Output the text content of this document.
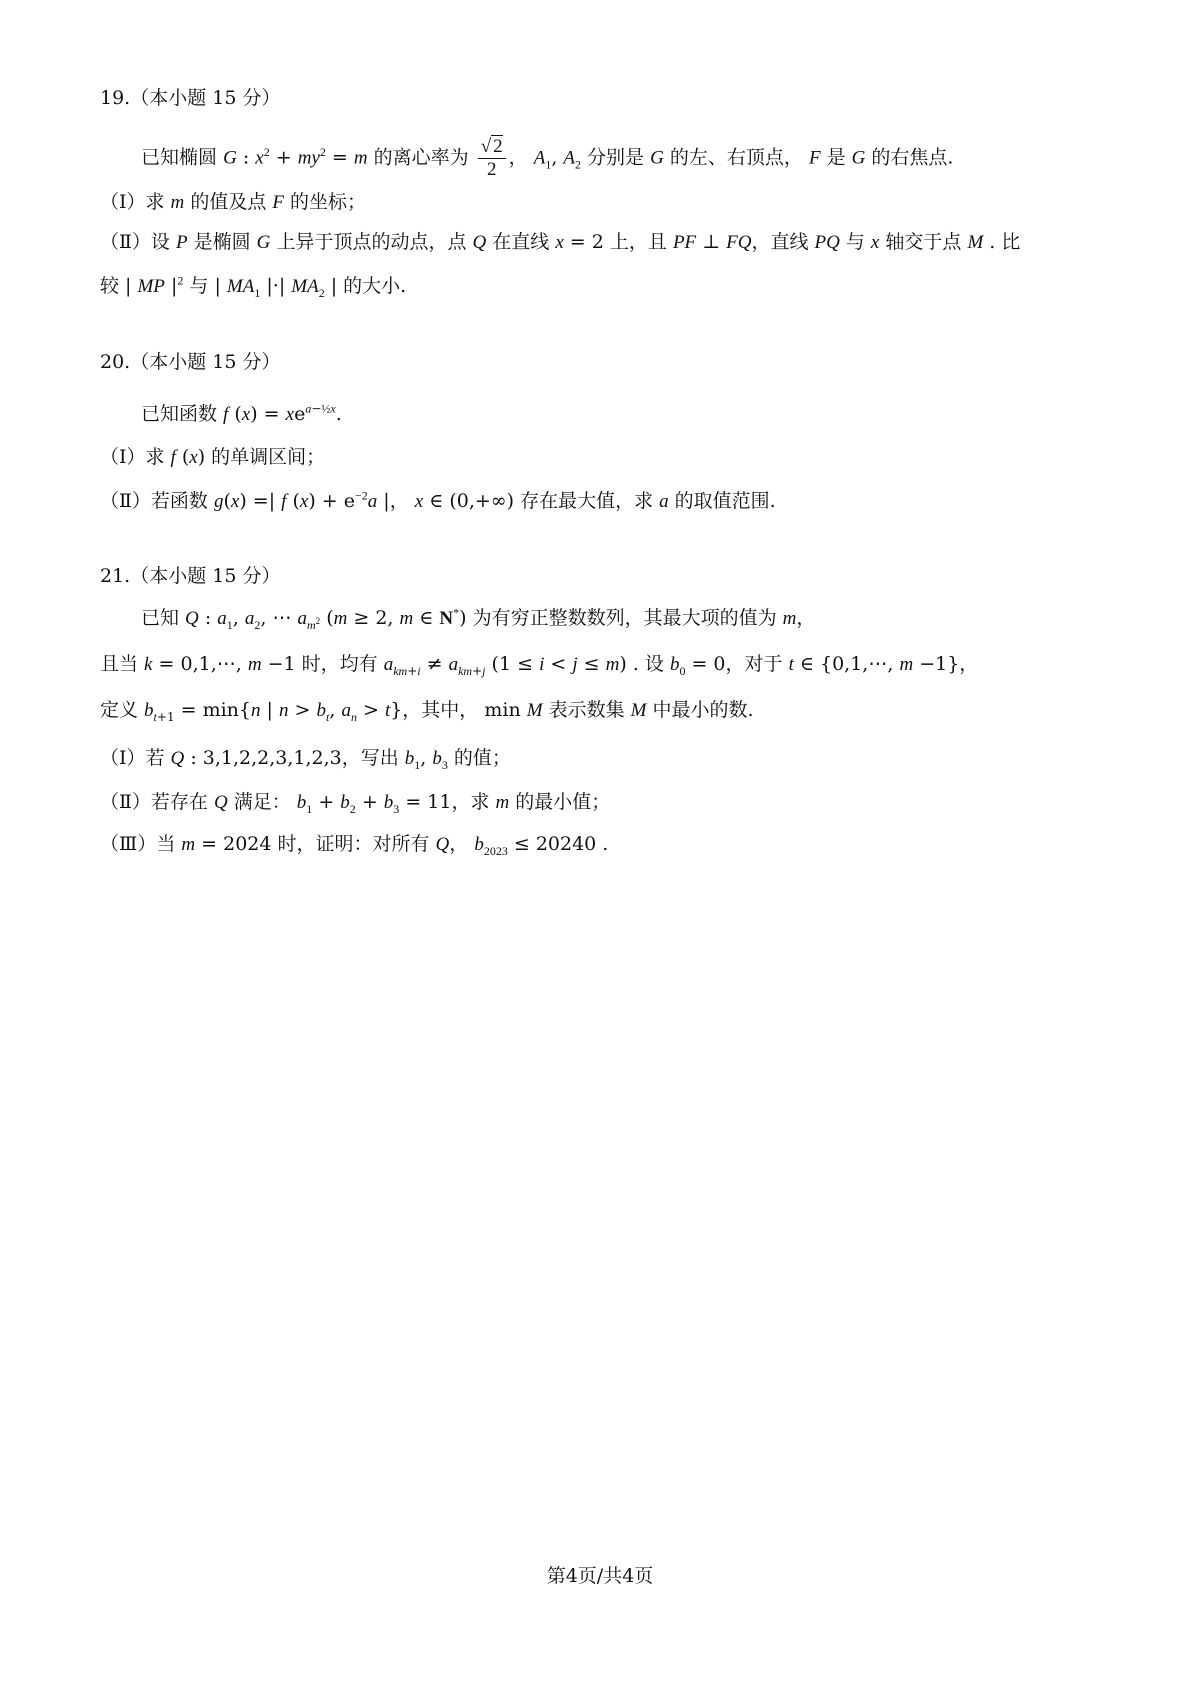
19.（本小题 15 分）
已知椭圆 G : $x^2 + my^2 = m$ 的离心率为 $\frac{√ 2}{2}$ ， $A_1$, $A_2$ 分别是 G 的左、右顶点， F 是 G 的右焦点.
（Ⅰ）求 m 的值及点 F 的坐标；
（Ⅱ）设 P 是椭圆 G 上异于顶点的动点，点 Q 在直线 x = 2 上，且 PF ⊥ FQ，直线 PQ 与 x 轴交于点 M . 比
较 | MP $|^2$ 与 | $MA_1$ |·| $MA_2$ | 的大小.
20.（本小题 15 分）
已知函数 f $(x) = xe^{a-\frac{1}{2}x}$.
（Ⅰ）求 f (x) 的单调区间；
（Ⅱ）若函数 g(x) =| f $(x) + e^{-2}a$ |， x ∈ (0,+∞) 存在最大值，求 a 的取值范围.
21.（本小题 15 分）
已知 Q : $a_1$, $a_2$, ⋯ $a_{m^2}$ (m ≥ 2, m ∈ N*) 为有穷正整数数列，其最大项的值为 m，
且当 k = 0,1,⋯, m −1 时，均有 $a_{km+i} \ne a_{km+j}$ (1 ≤ i < j ≤ m) . 设 $b_0 = 0$，对于 t ∈ {0,1,⋯, m −1}，
定义 $b_{t+1} = \min\{n$ | $n > b_t$, $a_n > t$}，其中， min M 表示数集 M 中最小的数.
（Ⅰ）若 Q : 3,1,2,2,3,1,2,3，写出 $b_1$, $b_3$ 的值；
（Ⅱ）若存在 Q 满足： $b_1 + b_2 + b_3 = 11$，求 m 的最小值；
（Ⅲ）当 m = 2024 时，证明：对所有 Q， $b_{2023} \le 20240$ .
第4页/共4页
